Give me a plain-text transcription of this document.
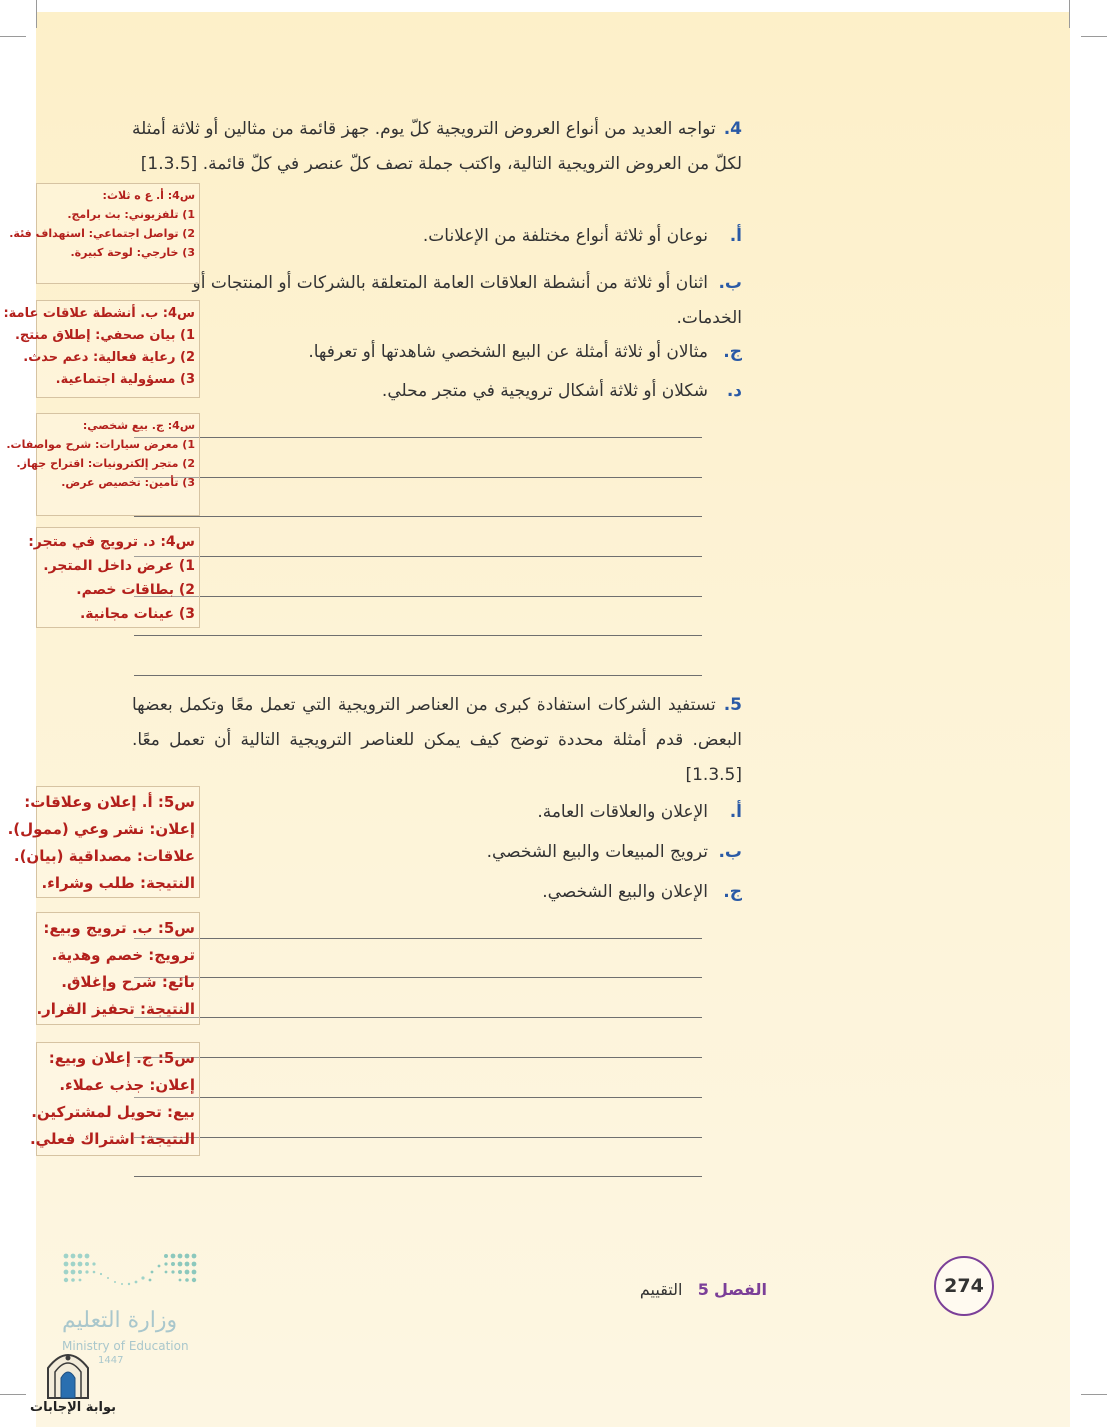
4.تواجه العديد من أنواع العروض الترويجية كلّ يوم. جهز قائمة من مثالين أو ثلاثة أمثلة لكلّ من العروض الترويجية التالية، واكتب جملة تصف كلّ عنصر في كلّ قائمة. [1.3.5]
أ.نوعان أو ثلاثة أنواع مختلفة من الإعلانات.
ب.اثنان أو ثلاثة من أنشطة العلاقات العامة المتعلقة بالشركات أو المنتجات أو الخدمات.
ج.مثالان أو ثلاثة أمثلة عن البيع الشخصي شاهدتها أو تعرفها.
د.شكلان أو ثلاثة أشكال ترويجية في متجر محلي.
5.تستفيد الشركات استفادة كبرى من العناصر الترويجية التي تعمل معًا وتكمل بعضها البعض. قدم أمثلة محددة توضح كيف يمكن للعناصر الترويجية التالية أن تعمل معًا. [1.3.5]
أ.الإعلان والعلاقات العامة.
ب.ترويج المبيعات والبيع الشخصي.
ج.الإعلان والبيع الشخصي.
س4: أ. ع ه ثلاث:
1) تلفزيوني: بث برامج.
2) تواصل اجتماعي: استهداف فئة.
3) خارجي: لوحة كبيرة.
س4: ب. أنشطة علاقات عامة:
1) بيان صحفي: إطلاق منتج.
2) رعاية فعالية: دعم حدث.
3) مسؤولية اجتماعية.
س4: ج. بيع شخصي:
1) معرض سيارات: شرح مواصفات.
2) متجر إلكترونيات: اقتراح جهاز.
3) تأمين: تخصيص عرض.
س4: د. ترويج في متجر:
1) عرض داخل المتجر.
2) بطاقات خصم.
3) عينات مجانية.
س5: أ. إعلان وعلاقات:
إعلان: نشر وعي (ممول).
علاقات: مصداقية (بيان).
النتيجة: طلب وشراء.
س5: ب. ترويج وبيع:
ترويج: خصم وهدية.
بائع: شرح وإغلاق.
النتيجة: تحفيز القرار.
س5: ج. إعلان وبيع:
إعلان: جذب عملاء.
بيع: تحويل لمشتركين.
النتيجة: اشتراك فعلي.
الفصل 5   التقييم	274
وزارة التعليم
Ministry of Education
1447
بوابة الإجابات
